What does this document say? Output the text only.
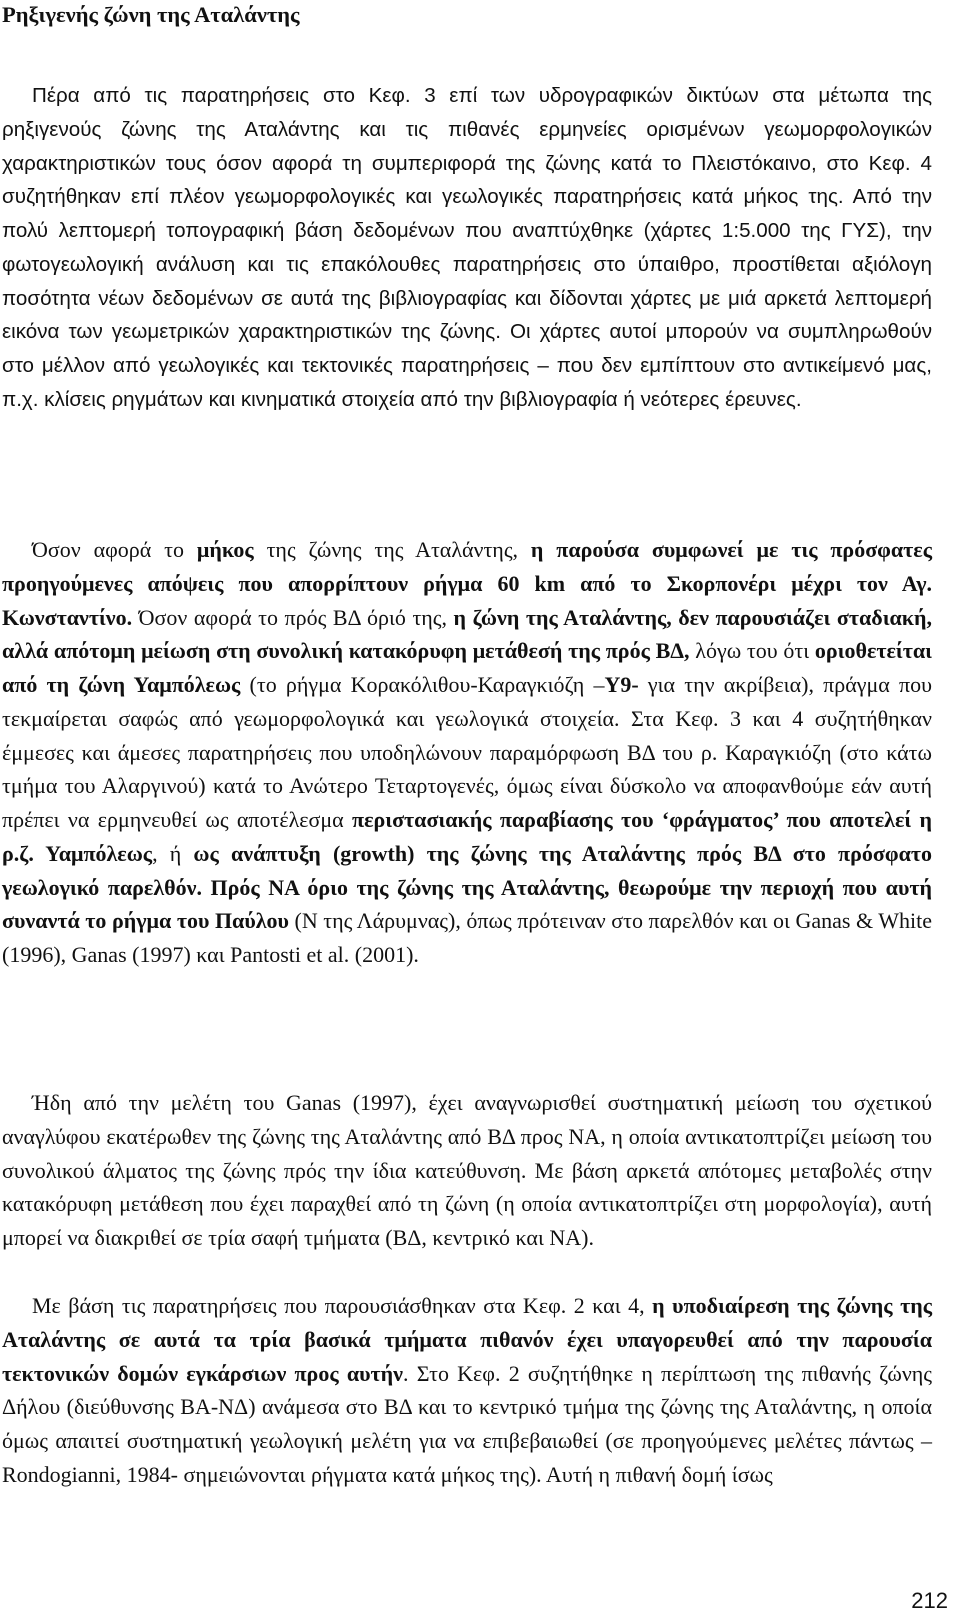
Ρηξιγενής ζώνη της Αταλάντης

Πέρα από τις παρατηρήσεις στο Κεφ. 3 επί των υδρογραφικών δικτύων στα μέτωπα της ρηξιγενούς ζώνης της Αταλάντης και τις πιθανές ερμηνείες ορισμένων γεωμορφολογικών χαρακτηριστικών τους όσον αφορά τη συμπεριφορά της ζώνης κατά το Πλειστόκαινο, στο Κεφ. 4 συζητήθηκαν επί πλέον γεωμορφολογικές και γεωλογικές παρατηρήσεις κατά μήκος της. Από την πολύ λεπτομερή τοπογραφική βάση δεδομένων που αναπτύχθηκε (χάρτες 1:5.000 της ΓΥΣ), την φωτογεωλογική ανάλυση και τις επακόλουθες παρατηρήσεις στο ύπαιθρο, προστίθεται αξιόλογη ποσότητα νέων δεδομένων σε αυτά της βιβλιογραφίας και δίδονται χάρτες με μιά αρκετά λεπτομερή εικόνα των γεωμετρικών χαρακτηριστικών της ζώνης. Οι χάρτες αυτοί μπορούν να συμπληρωθούν στο μέλλον από γεωλογικές και τεκτονικές παρατηρήσεις – που δεν εμπίπτουν στο αντικείμενό μας, π.χ. κλίσεις ρηγμάτων και κινηματικά στοιχεία από την βιβλιογραφία ή νεότερες έρευνες.

Όσον αφορά το μήκος της ζώνης της Αταλάντης, η παρούσα συμφωνεί με τις πρόσφατες προηγούμενες απόψεις που απορρίπτουν ρήγμα 60 km από το Σκορπονέρι μέχρι τον Αγ. Κωνσταντίνο. Όσον αφορά το πρός ΒΔ όριό της, η ζώνη της Αταλάντης, δεν παρουσιάζει σταδιακή, αλλά απότομη μείωση στη συνολική κατακόρυφη μετάθεσή της πρός ΒΔ, λόγω του ότι οριοθετείται από τη ζώνη Υαμπόλεως (το ρήγμα Κορακόλιθου-Καραγκιόζη –Y9- για την ακρίβεια), πράγμα που τεκμαίρεται σαφώς από γεωμορφολογικά και γεωλογικά στοιχεία. Στα Κεφ. 3 και 4 συζητήθηκαν έμμεσες και άμεσες παρατηρήσεις που υποδηλώνουν παραμόρφωση ΒΔ του ρ. Καραγκιόζη (στο κάτω τμήμα του Αλαργινού) κατά το Ανώτερο Τεταρτογενές, όμως είναι δύσκολο να αποφανθούμε εάν αυτή πρέπει να ερμηνευθεί ως αποτέλεσμα περιστασιακής παραβίασης του ‘φράγματος’ που αποτελεί η ρ.ζ. Υαμπόλεως, ή ως ανάπτυξη (growth) της ζώνης της Αταλάντης πρός ΒΔ στο πρόσφατο γεωλογικό παρελθόν. Πρός ΝΑ όριο της ζώνης της Αταλάντης, θεωρούμε την περιοχή που αυτή συναντά το ρήγμα του Παύλου (Ν της Λάρυμνας), όπως πρότειναν στο παρελθόν και οι Ganas & White (1996), Ganas (1997) και Pantosti et al. (2001).

Ήδη από την μελέτη του Ganas (1997), έχει αναγνωρισθεί συστηματική μείωση του σχετικού αναγλύφου εκατέρωθεν της ζώνης της Αταλάντης από ΒΔ προς ΝΑ, η οποία αντικατοπτρίζει μείωση του συνολικού άλματος της ζώνης πρός την ίδια κατεύθυνση. Με βάση αρκετά απότομες μεταβολές στην κατακόρυφη μετάθεση που έχει παραχθεί από τη ζώνη (η οποία αντικατοπτρίζει στη μορφολογία), αυτή μπορεί να διακριθεί σε τρία σαφή τμήματα (ΒΔ, κεντρικό και ΝΑ).

Με βάση τις παρατηρήσεις που παρουσιάσθηκαν στα Κεφ. 2 και 4, η υποδιαίρεση της ζώνης της Αταλάντης σε αυτά τα τρία βασικά τμήματα πιθανόν έχει υπαγορευθεί από την παρουσία τεκτονικών δομών εγκάρσιων προς αυτήν. Στο Κεφ. 2 συζητήθηκε η περίπτωση της πιθανής ζώνης Δήλου (διεύθυνσης ΒΑ-ΝΔ) ανάμεσα στο ΒΔ και το κεντρικό τμήμα της ζώνης της Αταλάντης, η οποία όμως απαιτεί συστηματική γεωλογική μελέτη για να επιβεβαιωθεί (σε προηγούμενες μελέτες πάντως –Rondogianni, 1984- σημειώνονται ρήγματα κατά μήκος της). Αυτή η πιθανή δομή ίσως

212
